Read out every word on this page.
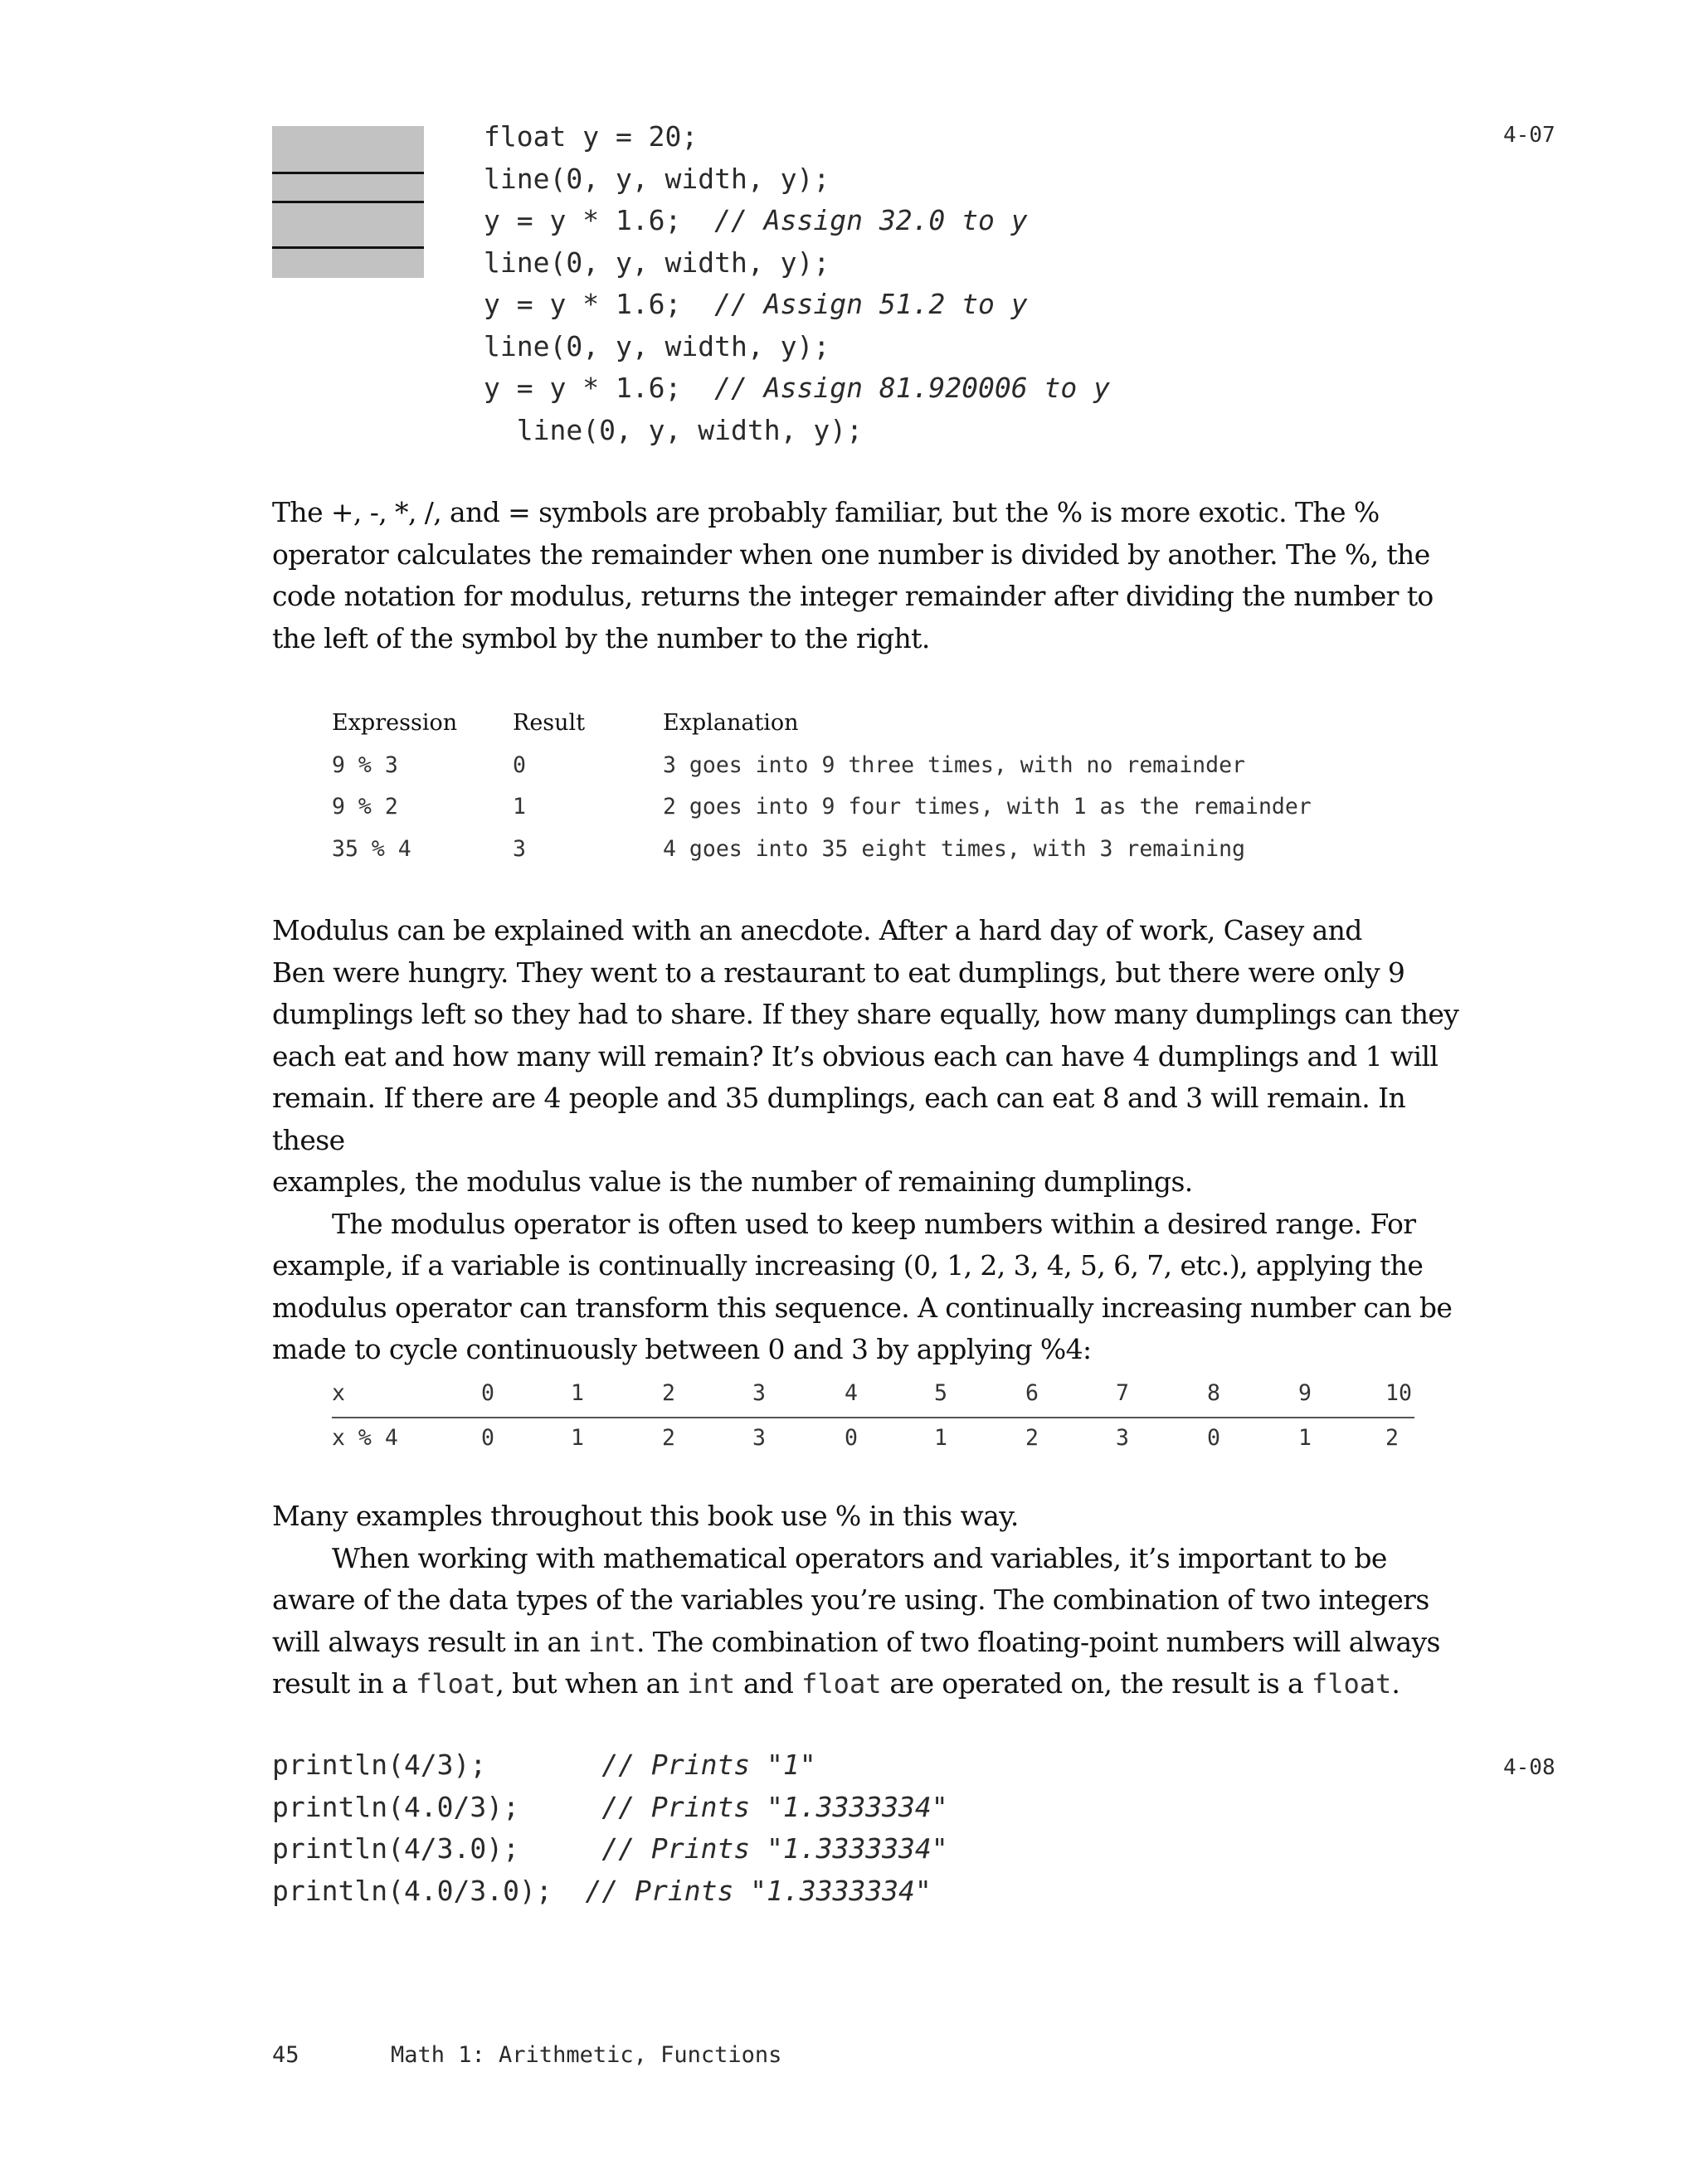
float y = 20;
line(0, y, width, y);
y = y * 1.6;  // Assign 32.0 to y
line(0, y, width, y);
y = y * 1.6;  // Assign 51.2 to y
line(0, y, width, y);
y = y * 1.6;  // Assign 81.920006 to y
line(0, y, width, y);
4-07

The +, -, *, /, and = symbols are probably familiar, but the % is more exotic. The %
operator calculates the remainder when one number is divided by another. The %, the
code notation for modulus, returns the integer remainder after dividing the number to
the left of the symbol by the number to the right.

Expression Result	Explanation
9 % 3	0	3 goes into 9 three times, with no remainder
9 % 2	1	2 goes into 9 four times, with 1 as the remainder
35 % 4	3	4 goes into 35 eight times, with 3 remaining

Modulus can be explained with an anecdote. After a hard day of work, Casey and
Ben were hungry. They went to a restaurant to eat dumplings, but there were only 9
dumplings left so they had to share. If they share equally, how many dumplings can they
each eat and how many will remain? It’s obvious each can have 4 dumplings and 1 will
remain. If there are 4 people and 35 dumplings, each can eat 8 and 3 will remain. In these
examples, the modulus value is the number of remaining dumplings.
The modulus operator is often used to keep numbers within a desired range. For
example, if a variable is continually increasing (0, 1, 2, 3, 4, 5, 6, 7, etc.), applying the
modulus operator can transform this sequence. A continually increasing number can be
made to cycle continuously between 0 and 3 by applying %4:

x	0	1	2	3	4	5	6	7	8	9	10
x % 4	0	1	2	3	0	1	2	3	0	1	2

Many examples throughout this book use % in this way.
When working with mathematical operators and variables, it’s important to be
aware of the data types of the variables you’re using. The combination of two integers
will always result in an int. The combination of two floating-point numbers will always
result in a float, but when an int and float are operated on, the result is a float.

println(4/3);       // Prints "1"
println(4.0/3);     // Prints "1.3333334"
println(4/3.0);     // Prints "1.3333334"
println(4.0/3.0);  // Prints "1.3333334"
4-08
45	Math 1: Arithmetic, Functions
